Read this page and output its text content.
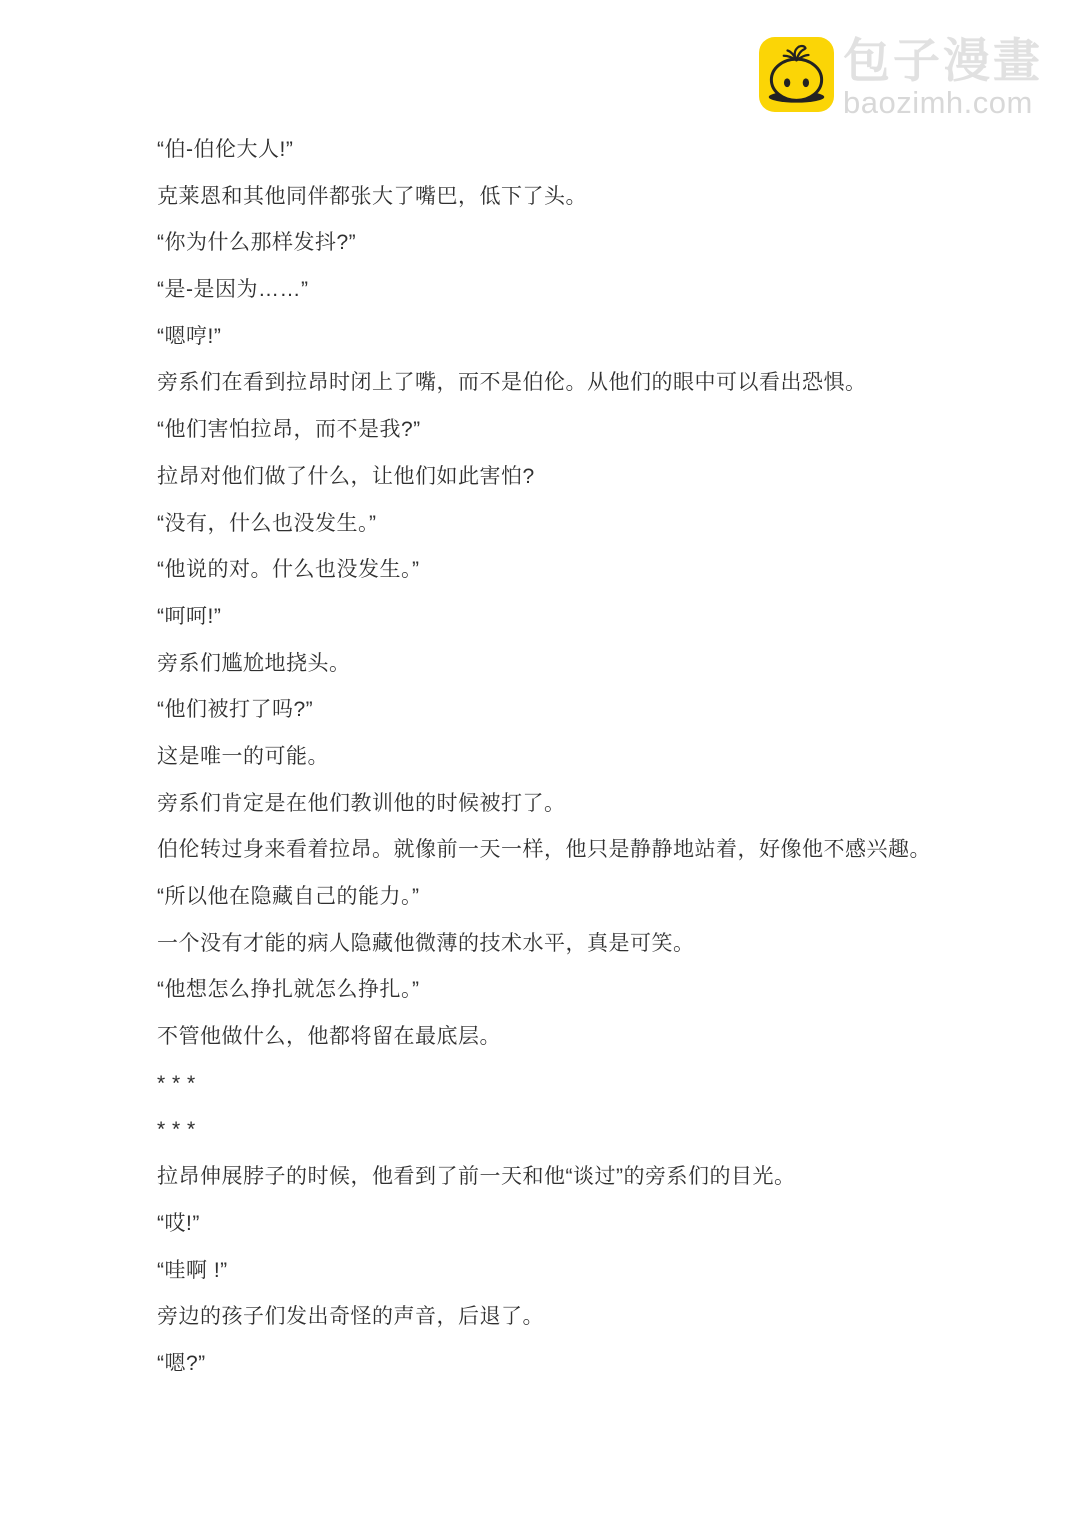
包子漫畫
baozimh.com

“伯-伯伦大人!”

克莱恩和其他同伴都张大了嘴巴，低下了头。

“你为什么那样发抖?”

“是-是因为……”

“嗯哼!”

旁系们在看到拉昂时闭上了嘴，而不是伯伦。从他们的眼中可以看出恐惧。

“他们害怕拉昂，而不是我?”

拉昂对他们做了什么，让他们如此害怕?

“没有，什么也没发生。”

“他说的对。什么也没发生。”

“呵呵!”

旁系们尴尬地挠头。

“他们被打了吗?”

这是唯一的可能。

旁系们肯定是在他们教训他的时候被打了。

伯伦转过身来看着拉昂。就像前一天一样，他只是静静地站着，好像他不感兴趣。

“所以他在隐藏自己的能力。”

一个没有才能的病人隐藏他微薄的技术水平，真是可笑。

“他想怎么挣扎就怎么挣扎。”

不管他做什么，他都将留在最底层。

* * *

* * *

拉昂伸展脖子的时候，他看到了前一天和他“谈过”的旁系们的目光。

“哎!”

“哇啊 !”

旁边的孩子们发出奇怪的声音，后退了。

“嗯?”
